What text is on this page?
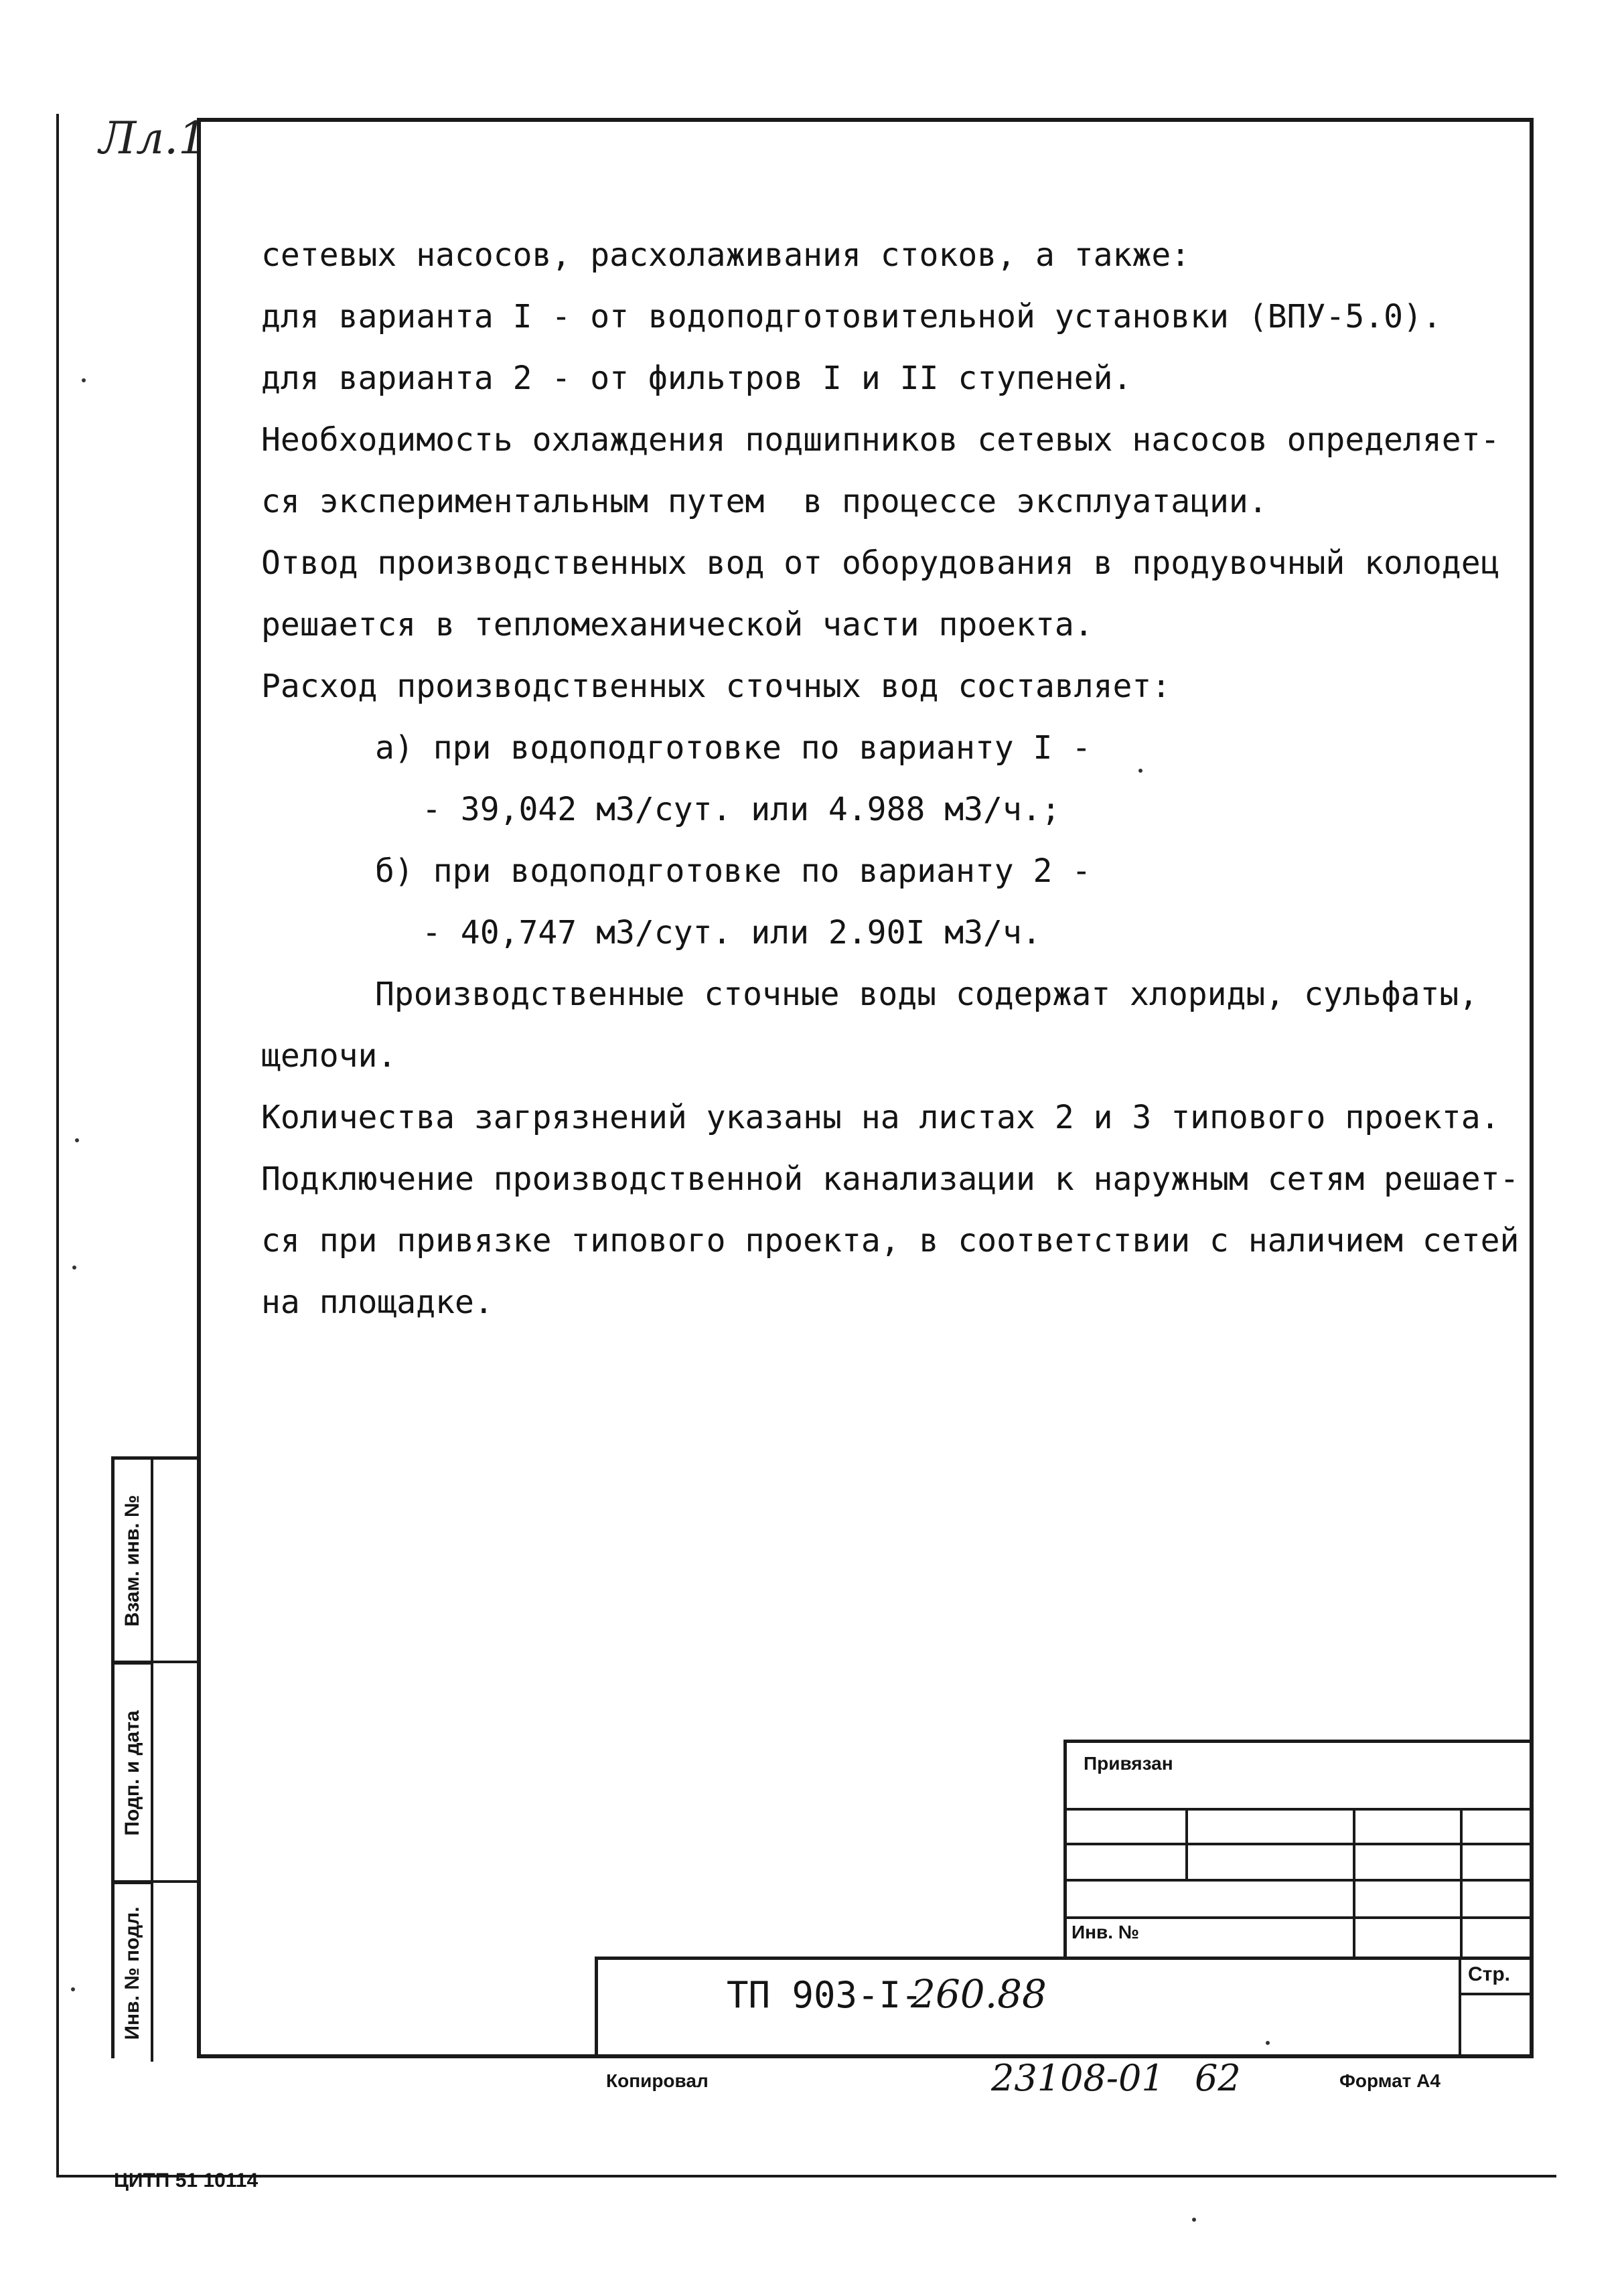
Лл.1
сетевых насосов, расхолаживания стоков, а также:
для варианта I - от водоподготовительной установки (ВПУ-5.0).
для варианта 2 - от фильтров I и II ступеней.
Необходимость охлаждения подшипников сетевых насосов определяет-
ся экспериментальным путем  в процессе эксплуатации.
Отвод производственных вод от оборудования в продувочный колодец
решается в тепломеханической части проекта.
Расход производственных сточных вод составляет:
а) при водоподготовке по варианту I -
- 39,042 м3/сут. или 4.988 м3/ч.;
б) при водоподготовке по варианту 2 -
- 40,747 м3/сут. или 2.90I м3/ч.
Производственные сточные воды содержат хлориды, сульфаты,
щелочи.
Количества загрязнений указаны на листах 2 и 3 типового проекта.
Подключение производственной канализации к наружным сетям решает-
ся при привязке типового проекта, в соответствии с наличием сетей
на площадке.
Взам. инв. №
Подп. и дата
Инв. № подл.
Привязан
Инв. №
Стр.
ТП 903-I-
260.88
Копировал	23108-01 62	Формат А4
ЦИТП 51 10114
